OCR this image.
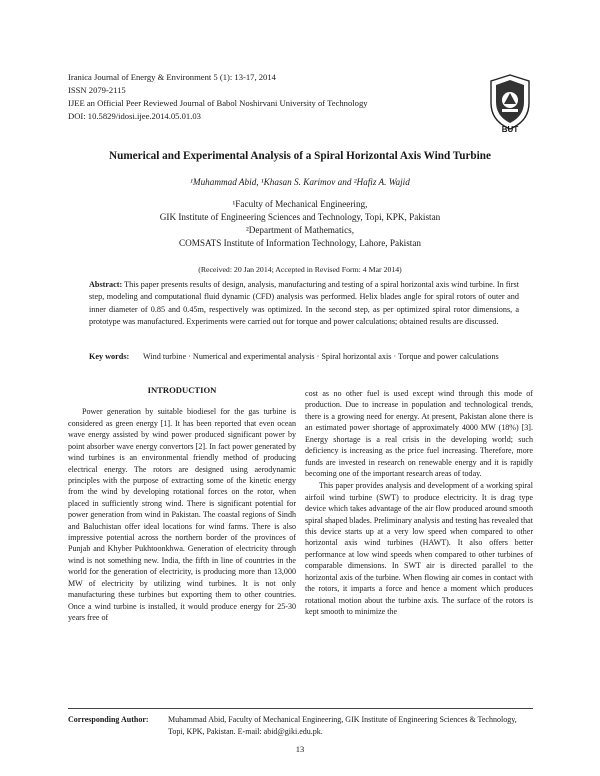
Iranica Journal of Energy & Environment 5 (1): 13-17, 2014
ISSN 2079-2115
IJEE an Official Peer Reviewed Journal of Babol Noshirvani University of Technology
DOI: 10.5829/idosi.ijee.2014.05.01.03
BUT
Numerical and Experimental Analysis of a Spiral Horizontal Axis Wind Turbine
¹Muhammad Abid, ¹Khasan S. Karimov and ²Hafiz A. Wajid
¹Faculty of Mechanical Engineering,
GIK Institute of Engineering Sciences and Technology, Topi, KPK, Pakistan
²Department of Mathematics,
COMSATS Institute of Information Technology, Lahore, Pakistan
(Received: 20 Jan 2014; Accepted in Revised Form: 4 Mar 2014)
Abstract: This paper presents results of design, analysis, manufacturing and testing of a spiral horizontal axis wind turbine. In first step, modeling and computational fluid dynamic (CFD) analysis was performed. Helix blades angle for spiral rotors of outer and inner diameter of 0.85 and 0.45m, respectively was optimized. In the second step, as per optimized spiral rotor dimensions, a prototype was manufactured. Experiments were carried out for torque and power calculations; obtained results are discussed.
Key words:	Wind turbine · Numerical and experimental analysis · Spiral horizontal axis · Torque and power calculations
INTRODUCTION

Power generation by suitable biodiesel for the gas turbine is considered as green energy [1]. It has been reported that even ocean wave energy assisted by wind power produced significant power by point absorber wave energy convertors [2]. In fact power generated by wind turbines is an environmental friendly method of producing electrical energy. The rotors are designed using aerodynamic principles with the purpose of extracting some of the kinetic energy from the wind by developing rotational forces on the rotor, when placed in sufficiently strong wind. There is significant potential for power generation from wind in Pakistan. The coastal regions of Sindh and Baluchistan offer ideal locations for wind farms. There is also impressive potential across the northern border of the provinces of Punjab and Khyber Pukhtoonkhwa. Generation of electricity through wind is not something new. India, the fifth in line of countries in the world for the generation of electricity, is producing more than 13,000 MW of electricity by utilizing wind turbines. It is not only manufacturing these turbines but exporting them to other countries. Once a wind turbine is installed, it would produce energy for 25-30 years free of

cost as no other fuel is used except wind through this mode of production. Due to increase in population and technological trends, there is a growing need for energy. At present, Pakistan alone there is an estimated power shortage of approximately 4000 MW (18%) [3]. Energy shortage is a real crisis in the developing world; such deficiency is increasing as the price fuel increasing. Therefore, more funds are invested in research on renewable energy and it is rapidly becoming one of the important research areas of today.

This paper provides analysis and development of a working spiral airfoil wind turbine (SWT) to produce electricity. It is drag type device which takes advantage of the air flow produced around smooth spiral shaped blades. Preliminary analysis and testing has revealed that this device starts up at a very low speed when compared to other horizontal axis wind turbines (HAWT). It also offers better performance at low wind speeds when compared to other turbines of comparable dimensions. In SWT air is directed parallel to the horizontal axis of the turbine. When flowing air comes in contact with the rotors, it imparts a force and hence a moment which produces rotational motion about the turbine axis. The surface of the rotors is kept smooth to minimize the

Corresponding Author:	Muhammad Abid, Faculty of Mechanical Engineering, GIK Institute of Engineering Sciences & Technology, Topi, KPK, Pakistan. E-mail: abid@giki.edu.pk.
13
